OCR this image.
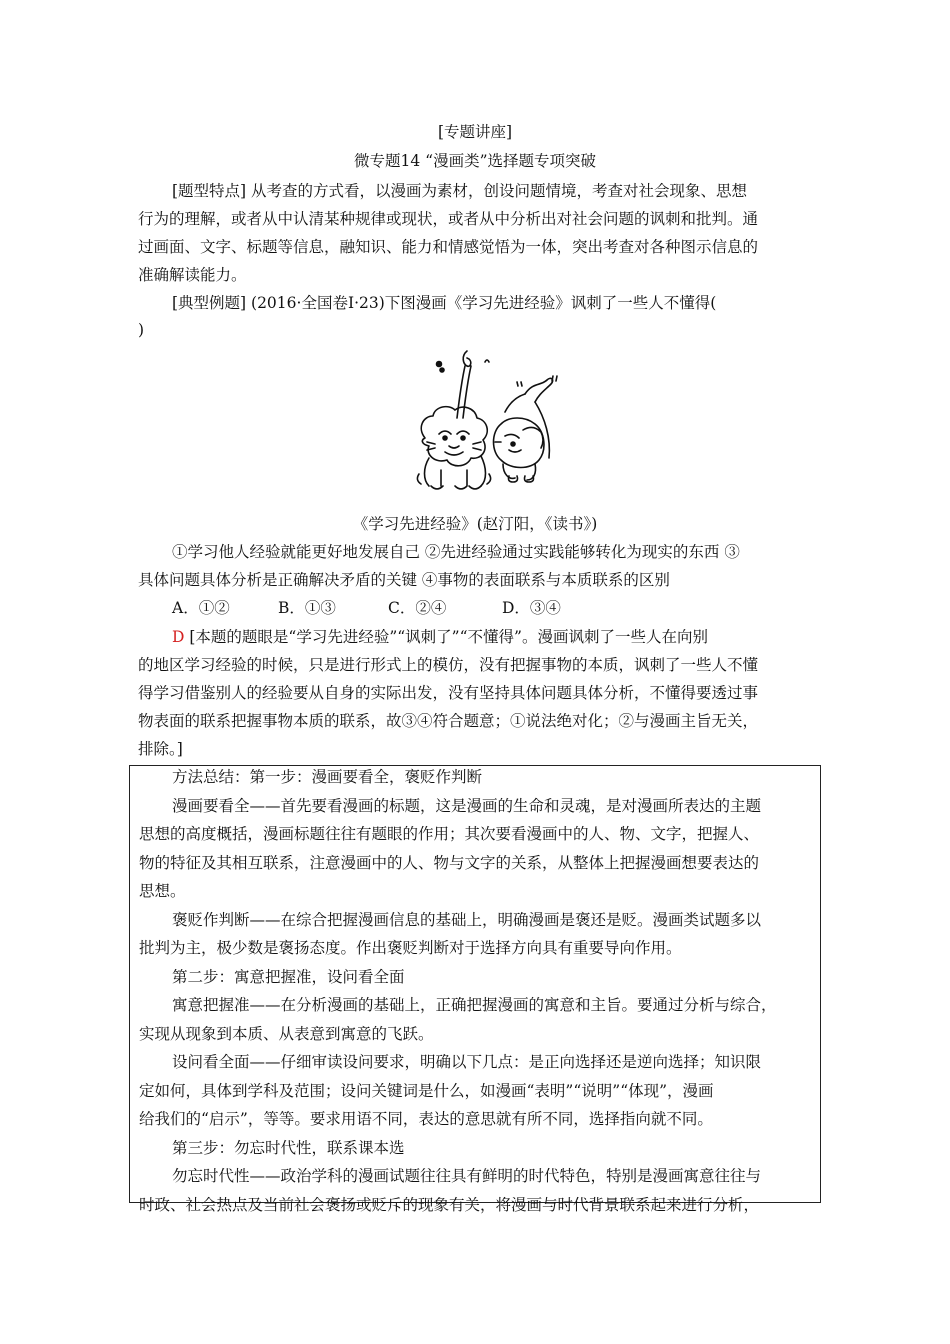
[专题讲座]
微专题14 “漫画类”选择题专项突破
[题型特点] 从考查的方式看，以漫画为素材，创设问题情境，考查对社会现象、思想
行为的理解，或者从中认清某种规律或现状，或者从中分析出对社会问题的讽刺和批判。通
过画面、文字、标题等信息，融知识、能力和情感觉悟为一体，突出考查对各种图示信息的
准确解读能力。
[典型例题] (2016·全国卷Ⅰ·23)下图漫画《学习先进经验》讽刺了一些人不懂得(
)
《学习先进经验》(赵汀阳，《读书》)
①学习他人经验就能更好地发展自己 ②先进经验通过实践能够转化为现实的东西 ③
具体问题具体分析是正确解决矛盾的关键 ④事物的表面联系与本质联系的区别
A．①②	B．①③	C．②④	D．③④
D [本题的题眼是“学习先进经验”“讽刺了”“不懂得”。漫画讽刺了一些人在向别
的地区学习经验的时候，只是进行形式上的模仿，没有把握事物的本质，讽刺了一些人不懂
得学习借鉴别人的经验要从自身的实际出发，没有坚持具体问题具体分析，不懂得要透过事
物表面的联系把握事物本质的联系，故③④符合题意；①说法绝对化；②与漫画主旨无关，
排除。]
方法总结：第一步：漫画要看全，褒贬作判断
漫画要看全——首先要看漫画的标题，这是漫画的生命和灵魂，是对漫画所表达的主题
思想的高度概括，漫画标题往往有题眼的作用；其次要看漫画中的人、物、文字，把握人、
物的特征及其相互联系，注意漫画中的人、物与文字的关系，从整体上把握漫画想要表达的
思想。
褒贬作判断——在综合把握漫画信息的基础上，明确漫画是褒还是贬。漫画类试题多以
批判为主，极少数是褒扬态度。作出褒贬判断对于选择方向具有重要导向作用。
第二步：寓意把握准，设问看全面
寓意把握准——在分析漫画的基础上，正确把握漫画的寓意和主旨。要通过分析与综合，
实现从现象到本质、从表意到寓意的飞跃。
设问看全面——仔细审读设问要求，明确以下几点：是正向选择还是逆向选择；知识限
定如何，具体到学科及范围；设问关键词是什么，如漫画“表明”“说明”“体现”，漫画
给我们的“启示”，等等。要求用语不同，表达的意思就有所不同，选择指向就不同。
第三步：勿忘时代性，联系课本选
勿忘时代性——政治学科的漫画试题往往具有鲜明的时代特色，特别是漫画寓意往往与
时政、社会热点及当前社会褒扬或贬斥的现象有关，将漫画与时代背景联系起来进行分析，
